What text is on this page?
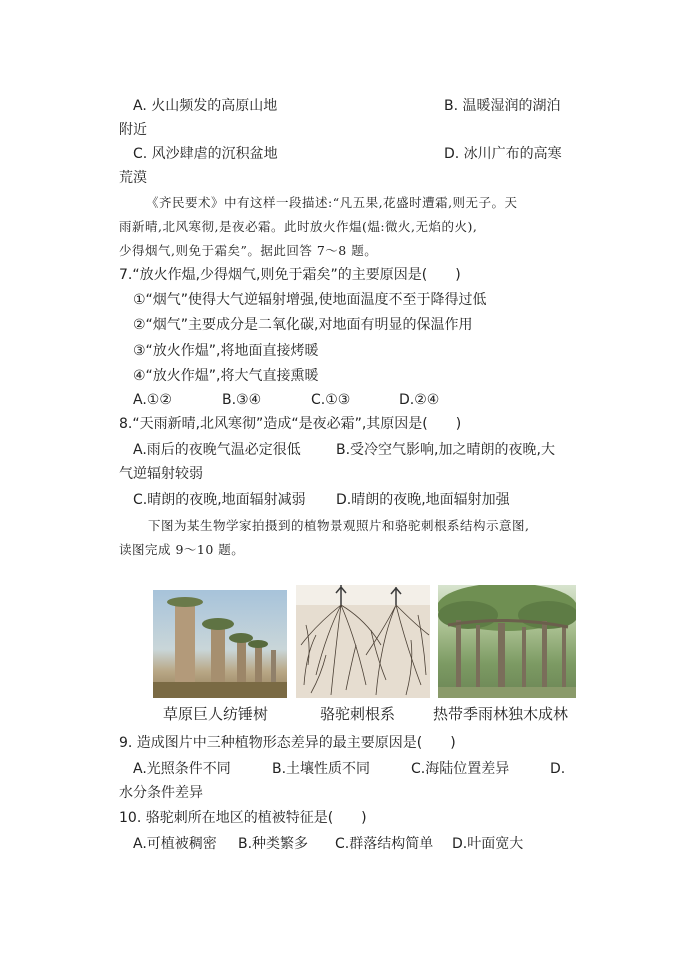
A. 火山频发的高原山地	B. 温暖湿润的湖泊
附近
C. 风沙肆虐的沉积盆地	D. 冰川广布的高寒
荒漠
《齐民要术》中有这样一段描述:“凡五果,花盛时遭霜,则无子。天
雨新晴,北风寒彻,是夜必霜。此时放火作煴(煴:微火,无焰的火),
少得烟气,则免于霜矣”。据此回答 7～8 题。
7.“放火作煴,少得烟气,则免于霜矣”的主要原因是(　　)
①“烟气”使得大气逆辐射增强,使地面温度不至于降得过低
②“烟气”主要成分是二氧化碳,对地面有明显的保温作用
③“放火作煴”,将地面直接烤暖
④“放火作煴”,将大气直接熏暖
A.①②	B.③④	C.①③	D.②④
8.“天雨新晴,北风寒彻”造成“是夜必霜”,其原因是(　　)
A.雨后的夜晚气温必定很低	B.受冷空气影响,加之晴朗的夜晚,大
气逆辐射较弱
C.晴朗的夜晚,地面辐射减弱 D.晴朗的夜晚,地面辐射加强
下图为某生物学家拍摄到的植物景观照片和骆驼刺根系结构示意图,
读图完成 9～10 题。
草原巨人纺锤树	骆驼刺根系	热带季雨林独木成林
9. 造成图片中三种植物形态差异的最主要原因是(　　)
A.光照条件不同	B.土壤性质不同	C.海陆位置差异	D.
水分条件差异
10. 骆驼刺所在地区的植被特征是(　　)
A.可植被稠密 B.种类繁多 C.群落结构简单 D.叶面宽大
